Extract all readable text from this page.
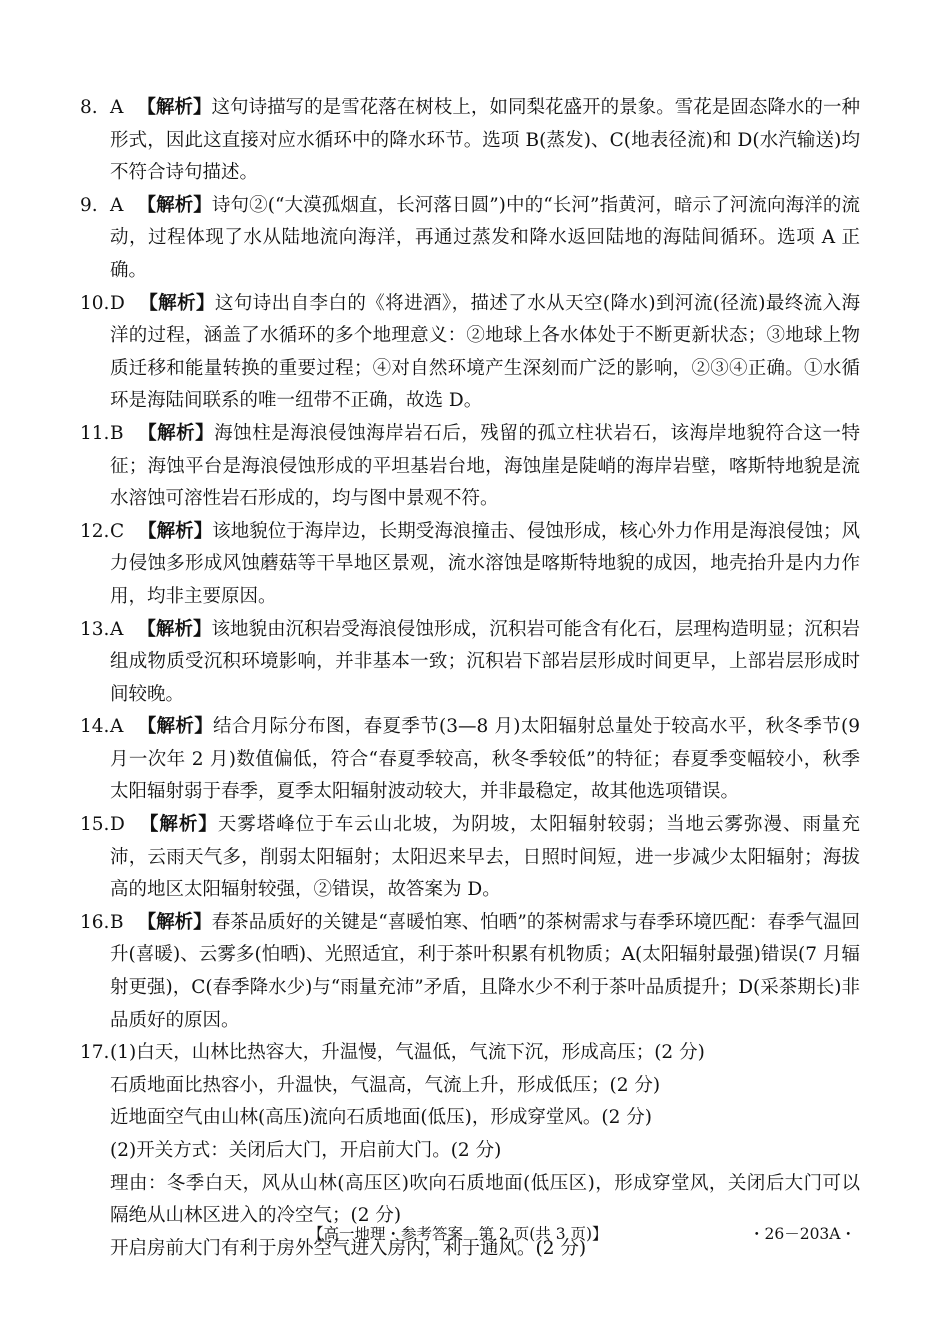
8. A 【解析】这句诗描写的是雪花落在树枝上，如同梨花盛开的景象。雪花是固态降水的一种形式，因此这直接对应水循环中的降水环节。选项 B(蒸发)、C(地表径流)和 D(水汽输送)均不符合诗句描述。
9. A 【解析】诗句②(“大漠孤烟直，长河落日圆”)中的“长河”指黄河，暗示了河流向海洋的流动，过程体现了水从陆地流向海洋，再通过蒸发和降水返回陆地的海陆间循环。选项 A 正确。
10. D 【解析】这句诗出自李白的《将进酒》，描述了水从天空(降水)到河流(径流)最终流入海洋的过程，涵盖了水循环的多个地理意义：②地球上各水体处于不断更新状态；③地球上物质迁移和能量转换的重要过程；④对自然环境产生深刻而广泛的影响，②③④正确。①水循环是海陆间联系的唯一纽带不正确，故选 D。
11. B 【解析】海蚀柱是海浪侵蚀海岸岩石后，残留的孤立柱状岩石，该海岸地貌符合这一特征；海蚀平台是海浪侵蚀形成的平坦基岩台地，海蚀崖是陡峭的海岸岩壁，喀斯特地貌是流水溶蚀可溶性岩石形成的，均与图中景观不符。
12. C 【解析】该地貌位于海岸边，长期受海浪撞击、侵蚀形成，核心外力作用是海浪侵蚀；风力侵蚀多形成风蚀蘑菇等干旱地区景观，流水溶蚀是喀斯特地貌的成因，地壳抬升是内力作用，均非主要原因。
13. A 【解析】该地貌由沉积岩受海浪侵蚀形成，沉积岩可能含有化石，层理构造明显；沉积岩组成物质受沉积环境影响，并非基本一致；沉积岩下部岩层形成时间更早，上部岩层形成时间较晚。
14. A 【解析】结合月际分布图，春夏季节(3—8 月)太阳辐射总量处于较高水平，秋冬季节(9 月一次年 2 月)数值偏低，符合“春夏季较高，秋冬季较低”的特征；春夏季变幅较小，秋季太阳辐射弱于春季，夏季太阳辐射波动较大，并非最稳定，故其他选项错误。
15. D 【解析】天雾塔峰位于车云山北坡，为阴坡，太阳辐射较弱；当地云雾弥漫、雨量充沛，云雨天气多，削弱太阳辐射；太阳迟来早去，日照时间短，进一步减少太阳辐射；海拔高的地区太阳辐射较强，②错误，故答案为 D。
16. B 【解析】春茶品质好的关键是“喜暖怕寒、怕晒”的茶树需求与春季环境匹配：春季气温回升(喜暖)、云雾多(怕晒)、光照适宜，利于茶叶积累有机物质；A(太阳辐射最强)错误(7 月辐射更强)，C(春季降水少)与“雨量充沛”矛盾，且降水少不利于茶叶品质提升；D(采茶期长)非品质好的原因。
17. (1)白天，山林比热容大，升温慢，气温低，气流下沉，形成高压；(2 分)
石质地面比热容小，升温快，气温高，气流上升，形成低压；(2 分)
近地面空气由山林(高压)流向石质地面(低压)，形成穿堂风。(2 分)
(2)开关方式：关闭后大门，开启前大门。(2 分)
理由：冬季白天，风从山林(高压区)吹向石质地面(低压区)，形成穿堂风，关闭后大门可以隔绝从山林区进入的冷空气；(2 分)
开启房前大门有利于房外空气进入房内，利于通风。(2 分)
【高一地理・参考答案　第 2 页(共 3 页)】	・26－203A・
